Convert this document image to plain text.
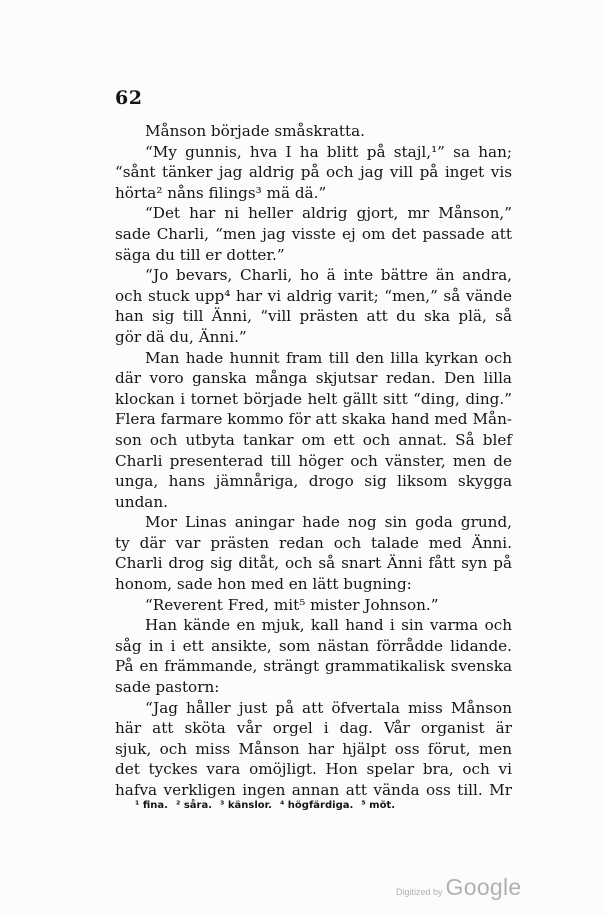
62
Månson började småskratta.
“My gunnis, hva I ha blitt på stajl,¹” sa han;
“sånt tänker jag aldrig på och jag vill på inget vis
hörta² nåns filings³ mä dä.”
“Det har ni heller aldrig gjort, mr Månson,”
sade Charli, “men jag visste ej om det passade att
säga du till er dotter.”
“Jo bevars, Charli, ho ä inte bättre än andra,
och stuck upp⁴ har vi aldrig varit; “men,” så vände
han sig till Änni, “vill prästen att du ska plä, så
gör dä du, Änni.”
Man hade hunnit fram till den lilla kyrkan och
där voro ganska många skjutsar redan. Den lilla
klockan i tornet började helt gällt sitt “ding, ding.”
Flera farmare kommo för att skaka hand med Mån-
son och utbyta tankar om ett och annat. Så blef
Charli presenterad till höger och vänster, men de
unga, hans jämnåriga, drogo sig liksom skygga
undan.
Mor Linas aningar hade nog sin goda grund,
ty där var prästen redan och talade med Änni.
Charli drog sig ditåt, och så snart Änni fått syn på
honom, sade hon med en lätt bugning:
“Reverent Fred, mit⁵ mister Johnson.”
Han kände en mjuk, kall hand i sin varma och
såg in i ett ansikte, som nästan förrådde lidande.
På en främmande, strängt grammatikalisk svenska
sade pastorn:
“Jag håller just på att öfvertala miss Månson
här att sköta vår orgel i dag. Vår organist är
sjuk, och miss Månson har hjälpt oss förut, men
det tyckes vara omöjligt. Hon spelar bra, och vi
hafva verkligen ingen annan att vända oss till. Mr
¹ fina. ² såra. ³ känslor. ⁴ högfärdiga. ⁵ möt.
Digitized by Google
